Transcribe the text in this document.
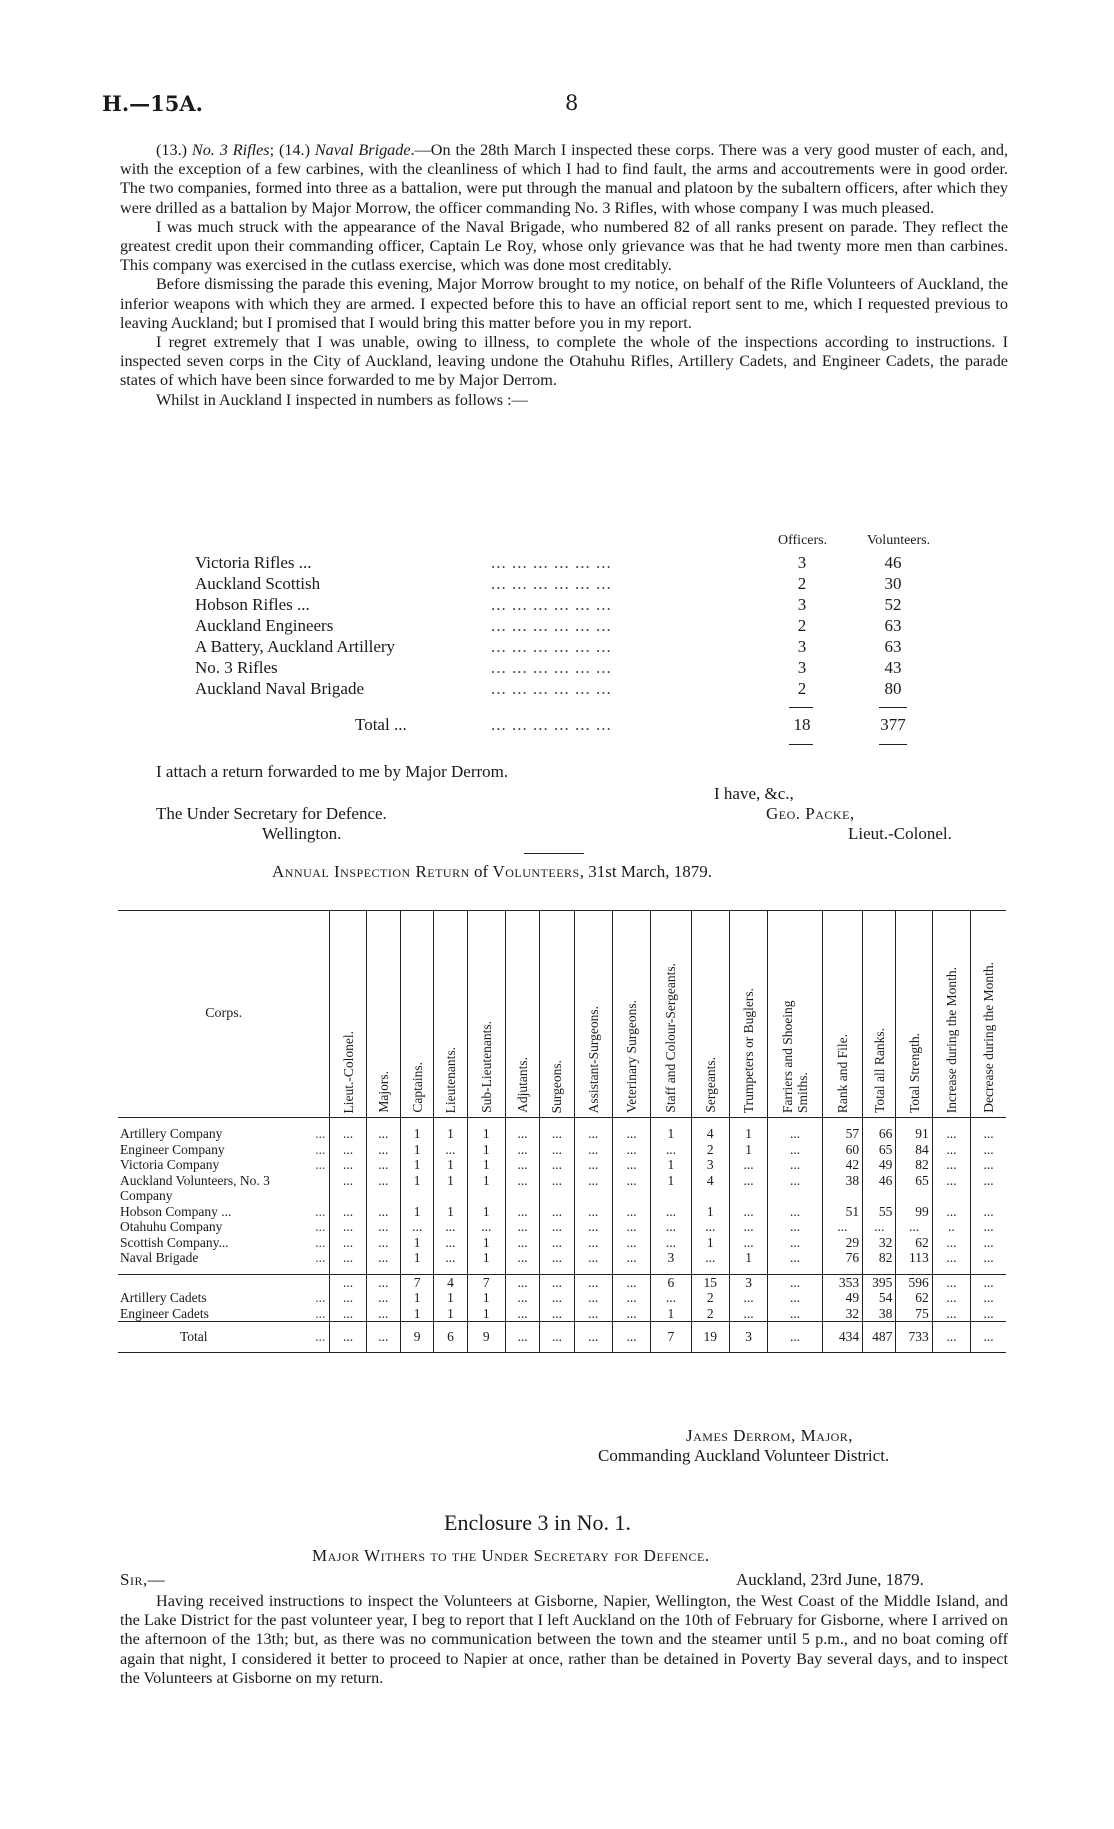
H.—15A.	8

(13.) No. 3 Rifles; (14.) Naval Brigade.—On the 28th March I inspected these corps. There was a very good muster of each, and, with the exception of a few carbines, with the cleanliness of which I had to find fault, the arms and accoutrements were in good order. The two companies, formed into three as a battalion, were put through the manual and platoon by the subaltern officers, after which they were drilled as a battalion by Major Morrow, the officer commanding No. 3 Rifles, with whose company I was much pleased.

I was much struck with the appearance of the Naval Brigade, who numbered 82 of all ranks present on parade. They reflect the greatest credit upon their commanding officer, Captain Le Roy, whose only grievance was that he had twenty more men than carbines. This company was exercised in the cutlass exercise, which was done most creditably.

Before dismissing the parade this evening, Major Morrow brought to my notice, on behalf of the Rifle Volunteers of Auckland, the inferior weapons with which they are armed. I expected before this to have an official report sent to me, which I requested previous to leaving Auckland; but I promised that I would bring this matter before you in my report.

I regret extremely that I was unable, owing to illness, to complete the whole of the inspections according to instructions. I inspected seven corps in the City of Auckland, leaving undone the Otahuhu Rifles, Artillery Cadets, and Engineer Cadets, the parade states of which have been since forwarded to me by Major Derrom.

Whilst in Auckland I inspected in numbers as follows :—

Officers.	Volunteers.
Victoria Rifles ...	... ... ... ... ... ...	3	46
Auckland Scottish	... ... ... ... ... ...	2	30
Hobson Rifles ...	... ... ... ... ... ...	3	52
Auckland Engineers	... ... ... ... ... ...	2	63
A Battery, Auckland Artillery	... ... ... ... ... ...	3	63
No. 3 Rifles	... ... ... ... ... ...	3	43
Auckland Naval Brigade	... ... ... ... ... ...	2	80
Total ...	... ... ... ... ... ...	18	377
I attach a return forwarded to me by Major Derrom.
I have, &c.,
The Under Secretary for Defence.	Geo. Packe,
Wellington.	Lieut.-Colonel.
Annual Inspection Return of Volunteers, 31st March, 1879.
Corps.	Lieut.-Colonel.	Majors.	Captains.	Lieutenants.	Sub-Lieutenants.	Adjutants.	Surgeons.	Assistant-Surgeons.	Veterinary Surgeons.	Staff and Colour-Sergeants.	Sergeants.	Trumpeters or Buglers.	Farriers and Shoeing Smiths.	Rank and File.	Total all Ranks.	Total Strength.	Increase during the Month.	Decrease during the Month.

Artillery Company ...	...	...	1	1	1	...	...	...	...	1	4	1	...	57	66	91	...	...

Engineer Company ...	...	...	1	...	1	...	...	...	...	...	2	1	...	60	65	84	...	...

Victoria Company ...	...	...	1	1	1	...	...	...	...	1	3	...	...	42	49	82	...	...

Auckland Volunteers, No. 3	...	...	1	1	1	...	...	...	...	1	4	...	...	38	46	65	...	...

Company																		

Hobson Company ... ...	...	...	1	1	1	...	...	...	...	...	1	...	...	51	55	99	...	...

Otahuhu Company ...	...	...	...	...	...	...	...	...	...	...	...	...	...	...	...	...	..	...

Scottish Company... ...	...	...	1	...	1	...	...	...	...	...	1	...	...	29	32	62	...	...

Naval Brigade ...	...	...	1	...	1	...	...	...	...	3	...	1	...	76	82	113	...	...

	...	...	7	4	7	...	...	...	...	6	15	3	...	353	395	596	...	...

Artillery Cadets ...	...	...	1	1	1	...	...	...	...	...	2	...	...	49	54	62	...	...

Engineer Cadets ...	...	...	1	1	1	...	...	...	...	1	2	...	...	32	38	75	...	...

Total ...	...	...	9	6	9	...	...	...	...	7	19	3	...	434	487	733	...	...
James Derrom, Major,
Commanding Auckland Volunteer District.
Enclosure 3 in No. 1.
Major Withers to the Under Secretary for Defence.
Sir,—	Auckland, 23rd June, 1879.

Having received instructions to inspect the Volunteers at Gisborne, Napier, Wellington, the West Coast of the Middle Island, and the Lake District for the past volunteer year, I beg to report that I left Auckland on the 10th of February for Gisborne, where I arrived on the afternoon of the 13th; but, as there was no communication between the town and the steamer until 5 p.m., and no boat coming off again that night, I considered it better to proceed to Napier at once, rather than be detained in Poverty Bay several days, and to inspect the Volunteers at Gisborne on my return.
